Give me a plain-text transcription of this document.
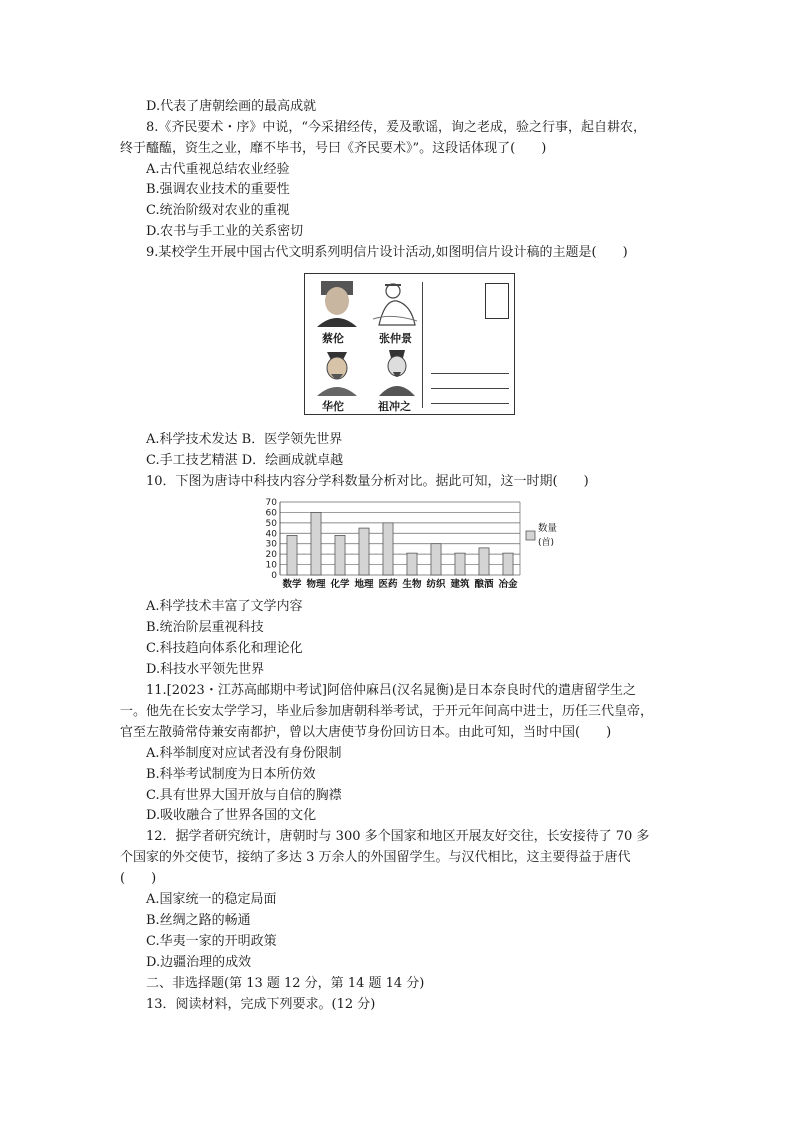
D.代表了唐朝绘画的最高成就
8.《齐民要术・序》中说，“今采捃经传，爰及歌谣，询之老成，验之行事，起自耕农，
终于醯醢，资生之业，靡不毕书，号曰《齐民要术》”。这段话体现了(　　)
A.古代重视总结农业经验
B.强调农业技术的重要性
C.统治阶级对农业的重视
D.农书与手工业的关系密切
9.某校学生开展中国古代文明系列明信片设计活动,如图明信片设计稿的主题是(　　)
蔡伦	张仲景
华佗	祖冲之
A.科学技术发达 B．医学领先世界
C.手工技艺精湛 D．绘画成就卓越
10．下图为唐诗中科技内容分学科数量分析对比。据此可知，这一时期(　　)
0
10
20
30
40
50
60
70
数学 物理 化学 地理 医药 生物 纺织 建筑 酿酒 冶金
数量
(首)
A.科学技术丰富了文学内容
B.统治阶层重视科技
C.科技趋向体系化和理论化
D.科技水平领先世界
11.[2023・江苏高邮期中考试]阿倍仲麻吕(汉名晁衡)是日本奈良时代的遣唐留学生之
一。他先在长安太学学习，毕业后参加唐朝科举考试，于开元年间高中进士，历任三代皇帝，
官至左散骑常侍兼安南都护，曾以大唐使节身份回访日本。由此可知，当时中国(　　)
A.科举制度对应试者没有身份限制
B.科举考试制度为日本所仿效
C.具有世界大国开放与自信的胸襟
D.吸收融合了世界各国的文化
12．据学者研究统计，唐朝时与 300 多个国家和地区开展友好交往，长安接待了 70 多
个国家的外交使节，接纳了多达 3 万余人的外国留学生。与汉代相比，这主要得益于唐代
(　　)
A.国家统一的稳定局面
B.丝绸之路的畅通
C.华夷一家的开明政策
D.边疆治理的成效
二、非选择题(第 13 题 12 分，第 14 题 14 分)
13．阅读材料，完成下列要求。(12 分)
